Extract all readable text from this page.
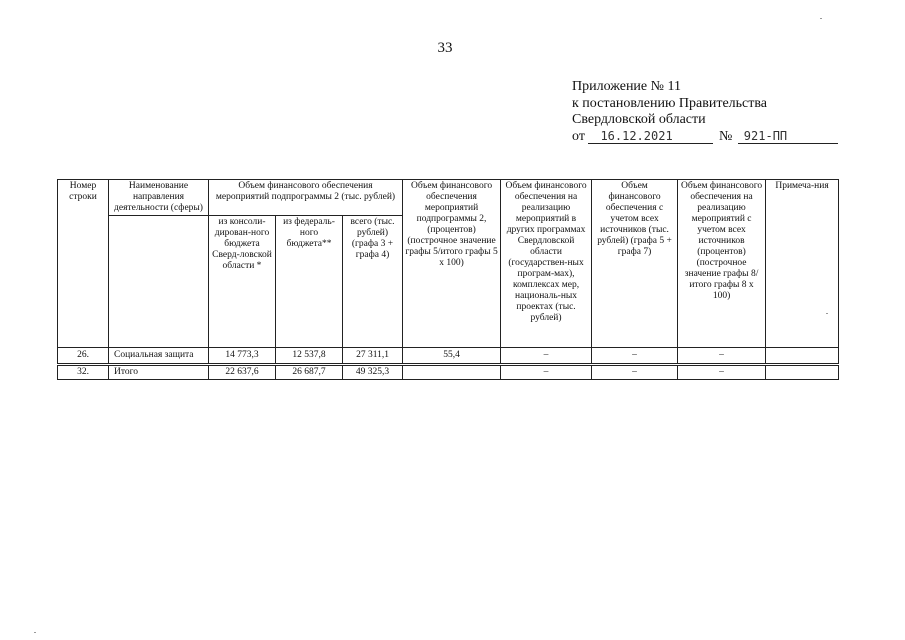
33
Приложение № 11
к постановлению Правительства
Свердловской области
от 16.12.2021	№ 921-ПП
Номер строки	Наименование направления деятельности (сферы)	Объем финансового обеспечения мероприятий подпрограммы 2 (тыс. рублей)			Объем финансового обеспечения мероприятий подпрограммы 2, (процентов) (построчное значение графы 5/итого графы 5 х 100)	Объем финансового обеспечения на реализацию мероприятий в других программах Свердловской области (государствен-ных програм-мах), комплексах мер, националь-ных проектах (тыс. рублей)	Объем финансового обеспечения с учетом всех источников (тыс. рублей) (графа 5 + графа 7)	Объем финансового обеспечения на реализацию мероприятий с учетом всех источников (процентов) (построчное значение графы 8/итого графы 8 х 100)	Примеча-ния
		из консоли-дирован-ного бюджета Сверд-ловской области *	из федераль-ного бюджета**	всего (тыс. рублей) (графа 3 + графа 4)					
26.	Социальная защита	14 773,3	12 537,8	27 311,1	55,4	–	–	–	
32.	Итого	22 637,6	26 687,7	49 325,3		–	–	–	
